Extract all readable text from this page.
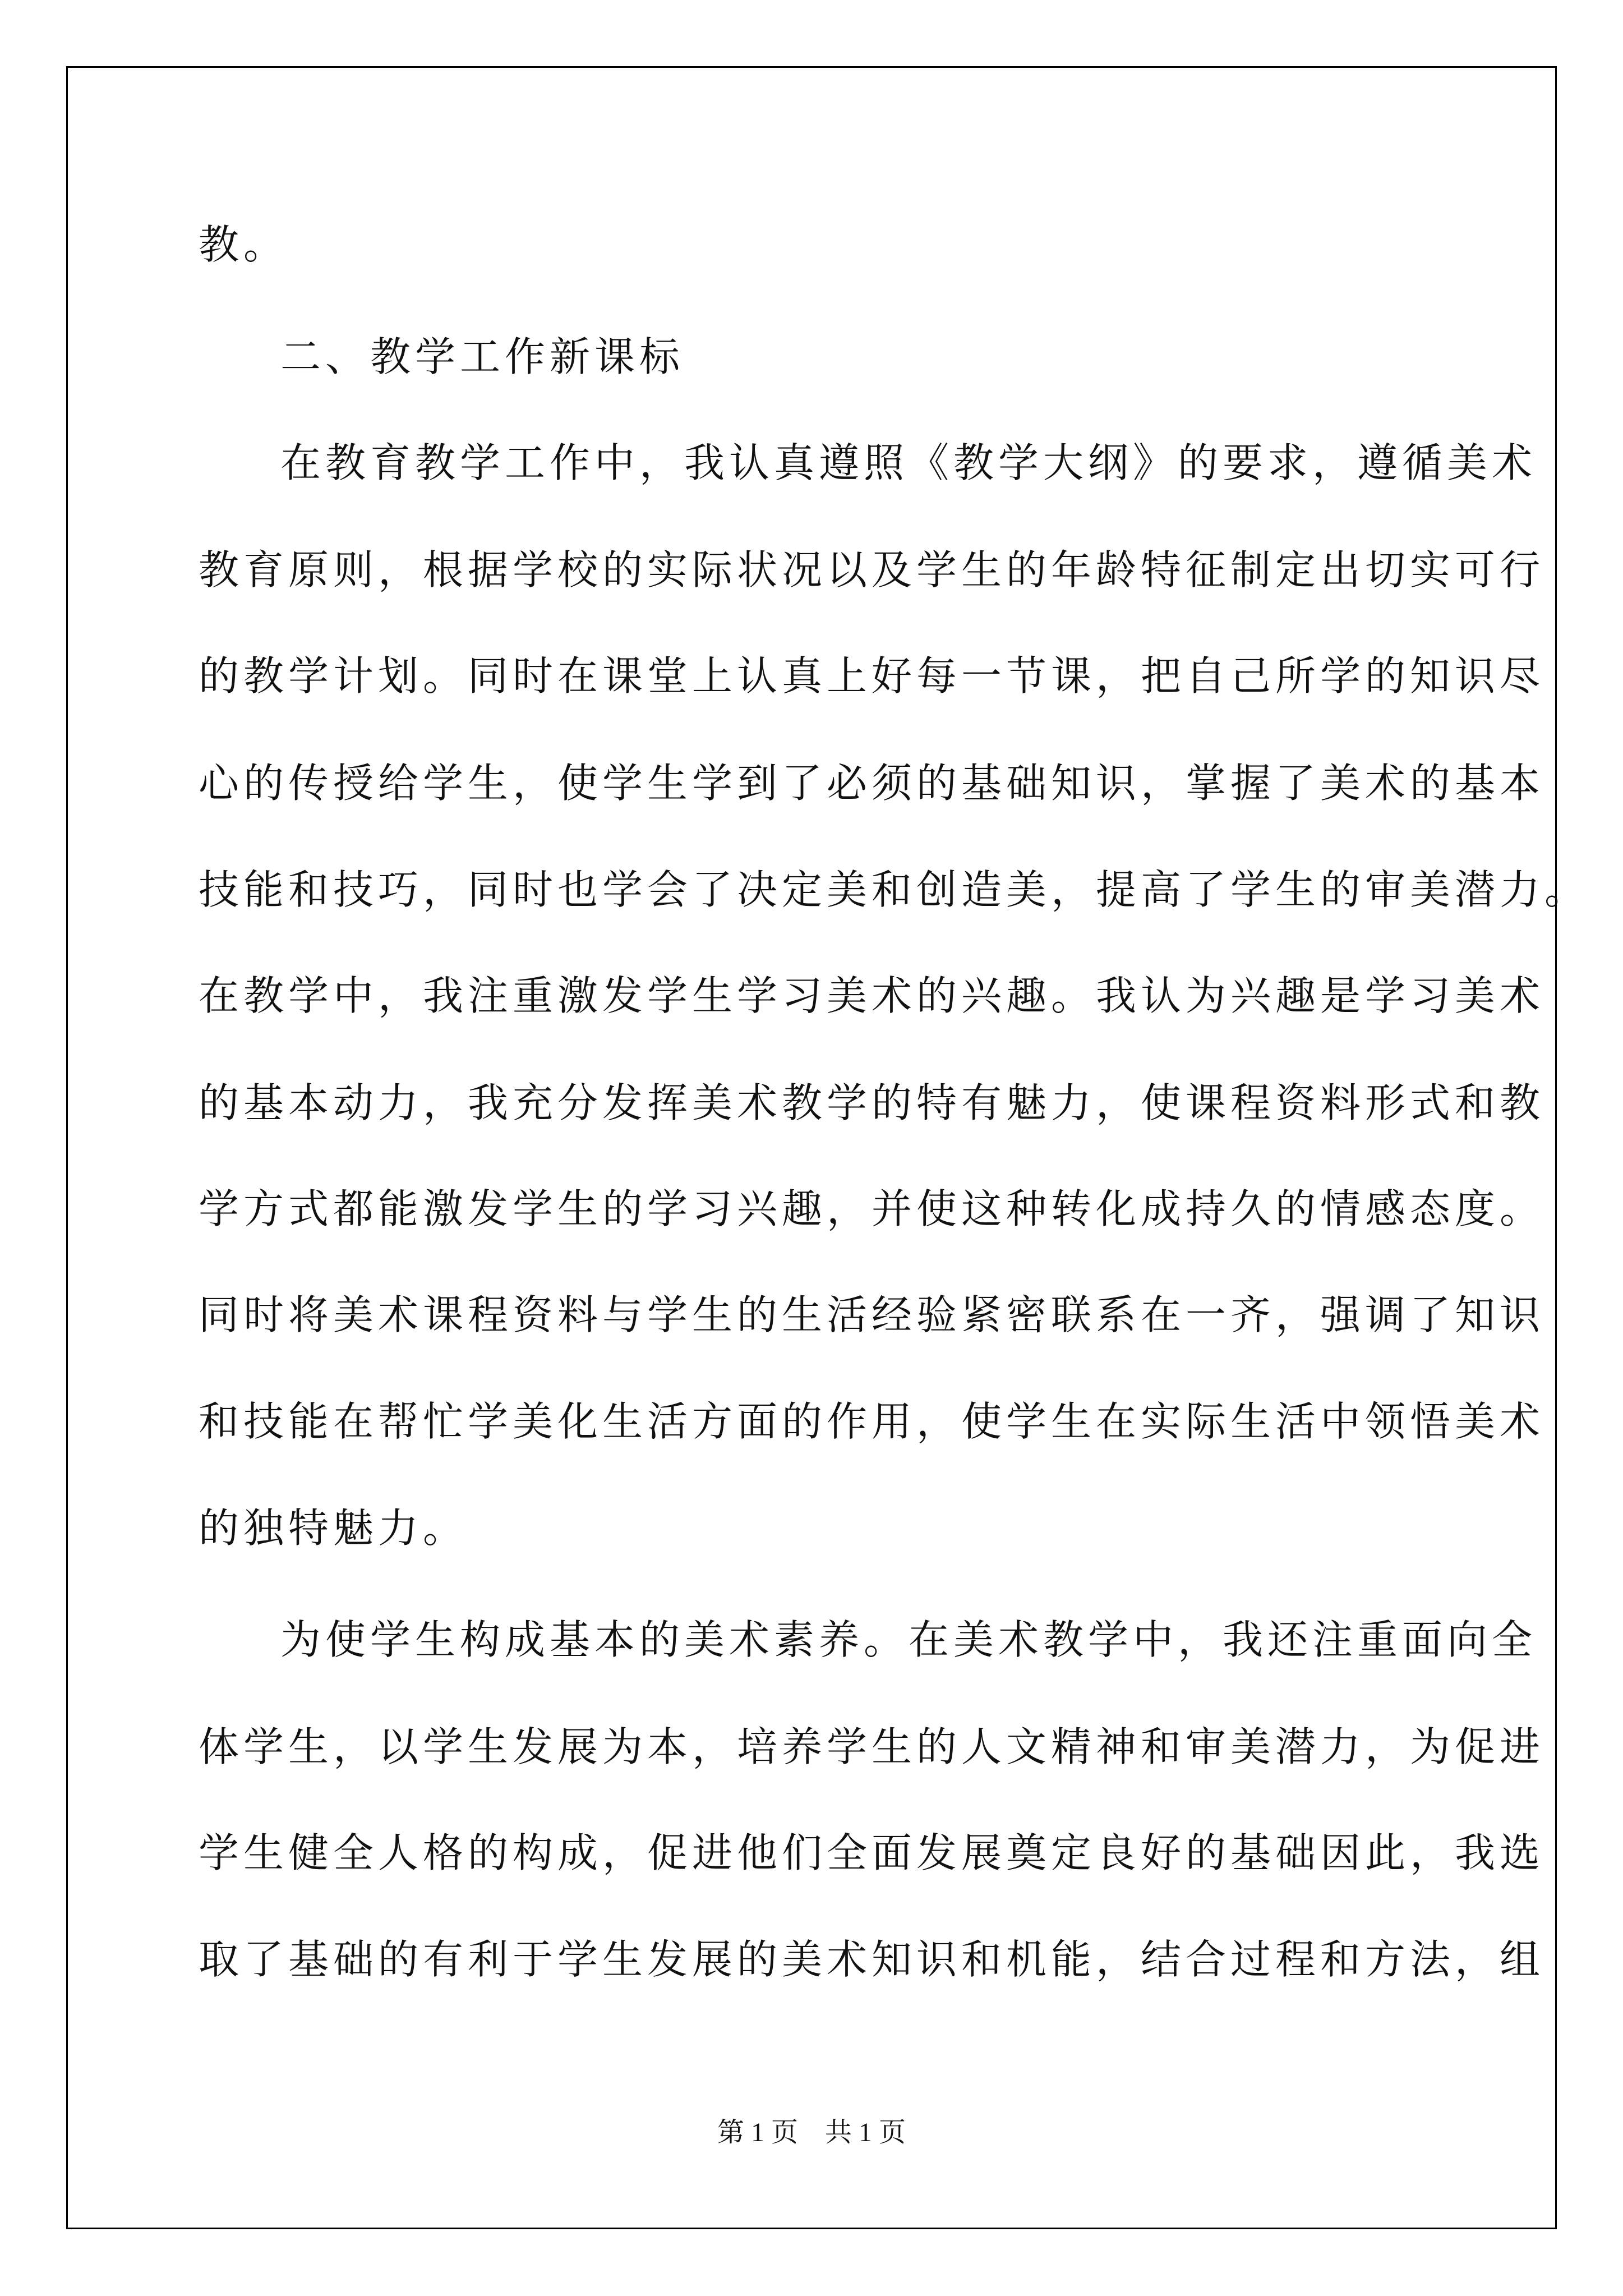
教。
二、教学工作新课标
在教育教学工作中，我认真遵照《教学大纲》的要求，遵循美术
教育原则，根据学校的实际状况以及学生的年龄特征制定出切实可行
的教学计划。同时在课堂上认真上好每一节课，把自己所学的知识尽
心的传授给学生，使学生学到了必须的基础知识，掌握了美术的基本
技能和技巧，同时也学会了决定美和创造美，提高了学生的审美潜力。
在教学中，我注重激发学生学习美术的兴趣。我认为兴趣是学习美术
的基本动力，我充分发挥美术教学的特有魅力，使课程资料形式和教
学方式都能激发学生的学习兴趣，并使这种转化成持久的情感态度。
同时将美术课程资料与学生的生活经验紧密联系在一齐，强调了知识
和技能在帮忙学美化生活方面的作用，使学生在实际生活中领悟美术
的独特魅力。
为使学生构成基本的美术素养。在美术教学中，我还注重面向全
体学生，以学生发展为本，培养学生的人文精神和审美潜力，为促进
学生健全人格的构成，促进他们全面发展奠定良好的基础因此，我选
取了基础的有利于学生发展的美术知识和机能，结合过程和方法，组
第 1 页　共 1 页
